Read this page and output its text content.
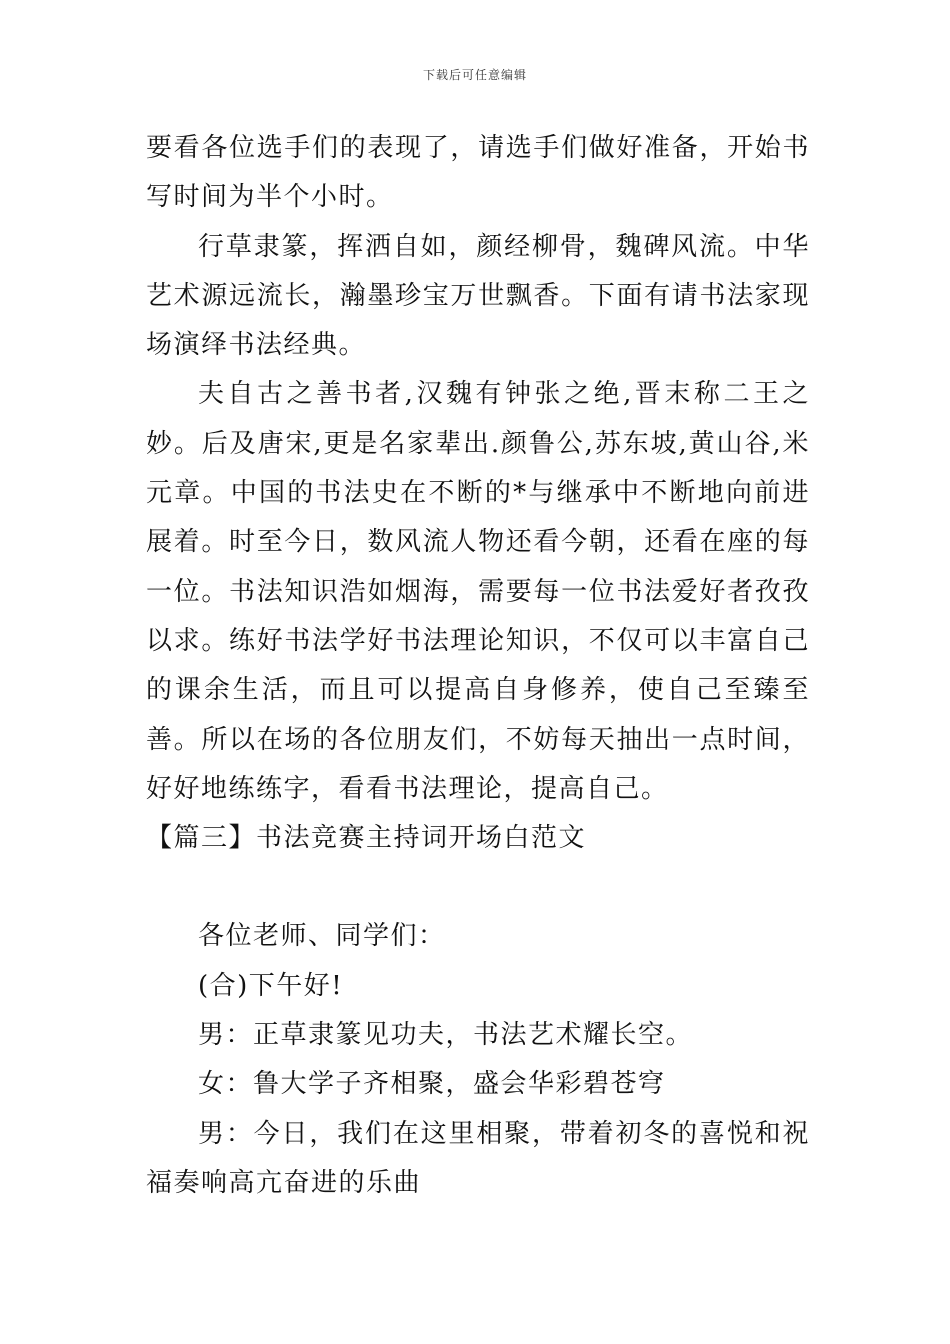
下载后可任意编辑

要看各位选手们的表现了，请选手们做好准备，开始书写时间为半个小时。

行草隶篆，挥洒自如，颜经柳骨，魏碑风流。中华艺术源远流长，瀚墨珍宝万世飘香。下面有请书法家现场演绎书法经典。

夫自古之善书者,汉魏有钟张之绝,晋末称二王之妙。后及唐宋,更是名家辈出.颜鲁公,苏东坡,黄山谷,米元章。中国的书法史在不断的*与继承中不断地向前进展着。时至今日，数风流人物还看今朝，还看在座的每一位。书法知识浩如烟海，需要每一位书法爱好者孜孜以求。练好书法学好书法理论知识，不仅可以丰富自己的课余生活，而且可以提高自身修养，使自己至臻至善。所以在场的各位朋友们，不妨每天抽出一点时间，好好地练练字，看看书法理论，提高自己。

【篇三】书法竞赛主持词开场白范文

各位老师、同学们：

(合)下午好!

男：正草隶篆见功夫，书法艺术耀长空。

女：鲁大学子齐相聚，盛会华彩碧苍穹

男：今日，我们在这里相聚，带着初冬的喜悦和祝福奏响高亢奋进的乐曲
